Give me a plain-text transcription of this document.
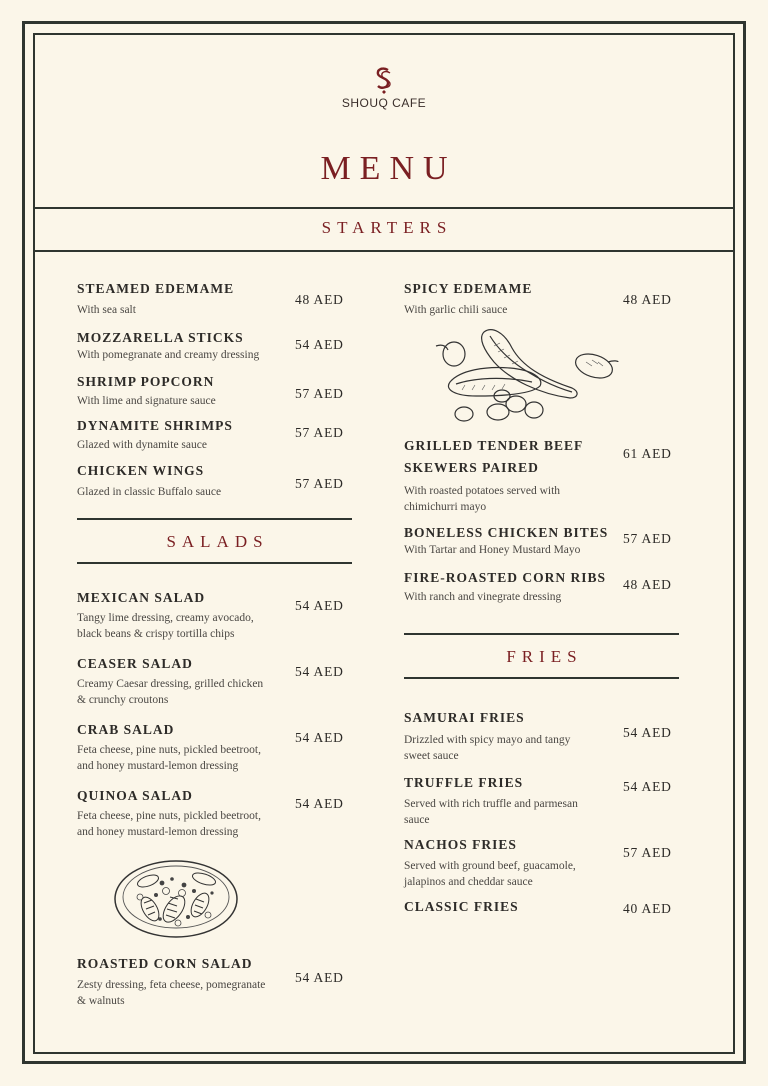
SHOUQ CAFE
MENU
STARTERS
STEAMED EDEMAME
With sea salt
48 AED
MOZZARELLA STICKS
With pomegranate and creamy dressing
54 AED
SHRIMP POPCORN
With lime and signature sauce	57 AED
DYNAMITE SHRIMPS
Glazed with dynamite sauce
57 AED
CHICKEN WINGS
Glazed in classic Buffalo sauce
57 AED
SALADS
MEXICAN SALAD
Tangy lime dressing, creamy avocado,
black beans & crispy tortilla chips
54 AED
CEASER SALAD
Creamy Caesar dressing, grilled chicken
& crunchy croutons
54 AED
CRAB SALAD
Feta cheese, pine nuts, pickled beetroot,
and honey mustard-lemon dressing
54 AED
QUINOA SALAD
Feta cheese, pine nuts, pickled beetroot,
and honey mustard-lemon dressing
54 AED
ROASTED CORN SALAD
Zesty dressing, feta cheese, pomegranate
& walnuts
54 AED
SPICY EDEMAME
With garlic chili sauce
48 AED
GRILLED TENDER BEEF
SKEWERS PAIRED
With roasted potatoes served with
chimichurri mayo
61 AED
BONELESS CHICKEN BITES
With Tartar and Honey Mustard Mayo
57 AED
FIRE-ROASTED CORN RIBS
With ranch and vinegrate dressing
48 AED
FRIES
SAMURAI FRIES
Drizzled with spicy mayo and tangy
sweet sauce
54 AED
TRUFFLE FRIES
Served with rich truffle and parmesan
sauce
54 AED
NACHOS FRIES
Served with ground beef, guacamole,
jalapinos and cheddar sauce
57 AED
CLASSIC FRIES	40 AED
